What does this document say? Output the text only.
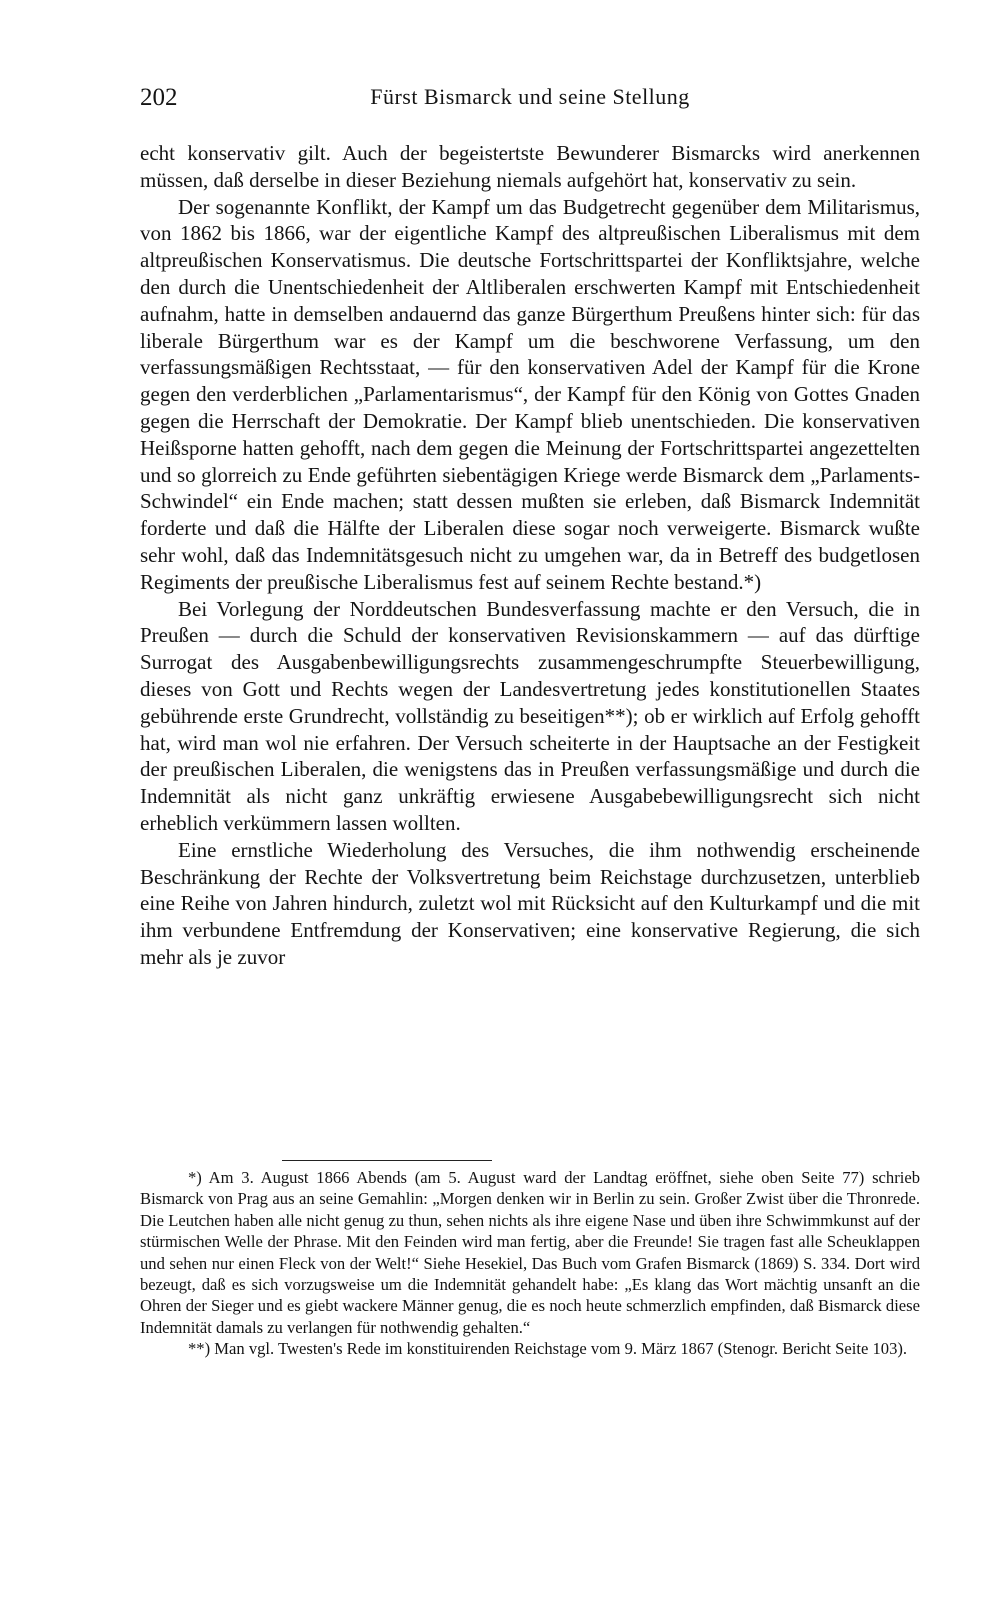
202	Fürst Bismarck und seine Stellung

echt konservativ gilt. Auch der begeistertste Bewunderer Bismarcks wird anerkennen müssen, daß derselbe in dieser Beziehung niemals aufgehört hat, konservativ zu sein.

Der sogenannte Konflikt, der Kampf um das Budgetrecht gegenüber dem Militarismus, von 1862 bis 1866, war der eigentliche Kampf des altpreußischen Liberalismus mit dem altpreußischen Konservatismus. Die deutsche Fortschrittspartei der Konfliktsjahre, welche den durch die Unentschiedenheit der Altliberalen erschwerten Kampf mit Entschiedenheit aufnahm, hatte in demselben andauernd das ganze Bürgerthum Preußens hinter sich: für das liberale Bürgerthum war es der Kampf um die beschworene Verfassung, um den verfassungsmäßigen Rechtsstaat, — für den konservativen Adel der Kampf für die Krone gegen den verderblichen „Parlamentarismus“, der Kampf für den König von Gottes Gnaden gegen die Herrschaft der Demokratie. Der Kampf blieb unentschieden. Die konservativen Heißsporne hatten gehofft, nach dem gegen die Meinung der Fortschrittspartei angezettelten und so glorreich zu Ende geführten siebentägigen Kriege werde Bismarck dem „Parlaments-Schwindel“ ein Ende machen; statt dessen mußten sie erleben, daß Bismarck Indemnität forderte und daß die Hälfte der Liberalen diese sogar noch verweigerte. Bismarck wußte sehr wohl, daß das Indemnitätsgesuch nicht zu umgehen war, da in Betreff des budgetlosen Regiments der preußische Liberalismus fest auf seinem Rechte bestand.*)

Bei Vorlegung der Norddeutschen Bundesverfassung machte er den Versuch, die in Preußen — durch die Schuld der konservativen Revisionskammern — auf das dürftige Surrogat des Ausgabenbewilligungsrechts zusammengeschrumpfte Steuerbewilligung, dieses von Gott und Rechts wegen der Landesvertretung jedes konstitutionellen Staates gebührende erste Grundrecht, vollständig zu beseitigen**); ob er wirklich auf Erfolg gehofft hat, wird man wol nie erfahren. Der Versuch scheiterte in der Hauptsache an der Festigkeit der preußischen Liberalen, die wenigstens das in Preußen verfassungsmäßige und durch die Indemnität als nicht ganz unkräftig erwiesene Ausgabebewilligungsrecht sich nicht erheblich verkümmern lassen wollten.

Eine ernstliche Wiederholung des Versuches, die ihm nothwendig erscheinende Beschränkung der Rechte der Volksvertretung beim Reichstage durchzusetzen, unterblieb eine Reihe von Jahren hindurch, zuletzt wol mit Rücksicht auf den Kulturkampf und die mit ihm verbundene Entfremdung der Konservativen; eine konservative Regierung, die sich mehr als je zuvor

*) Am 3. August 1866 Abends (am 5. August ward der Landtag eröffnet, siehe oben Seite 77) schrieb Bismarck von Prag aus an seine Gemahlin: „Morgen denken wir in Berlin zu sein. Großer Zwist über die Thronrede. Die Leutchen haben alle nicht genug zu thun, sehen nichts als ihre eigene Nase und üben ihre Schwimmkunst auf der stürmischen Welle der Phrase. Mit den Feinden wird man fertig, aber die Freunde! Sie tragen fast alle Scheuklappen und sehen nur einen Fleck von der Welt!“ Siehe Hesekiel, Das Buch vom Grafen Bismarck (1869) S. 334. Dort wird bezeugt, daß es sich vorzugsweise um die Indemnität gehandelt habe: „Es klang das Wort mächtig unsanft an die Ohren der Sieger und es giebt wackere Männer genug, die es noch heute schmerzlich empfinden, daß Bismarck diese Indemnität damals zu verlangen für nothwendig gehalten.“

**) Man vgl. Twesten's Rede im konstituirenden Reichstage vom 9. März 1867 (Stenogr. Bericht Seite 103).
